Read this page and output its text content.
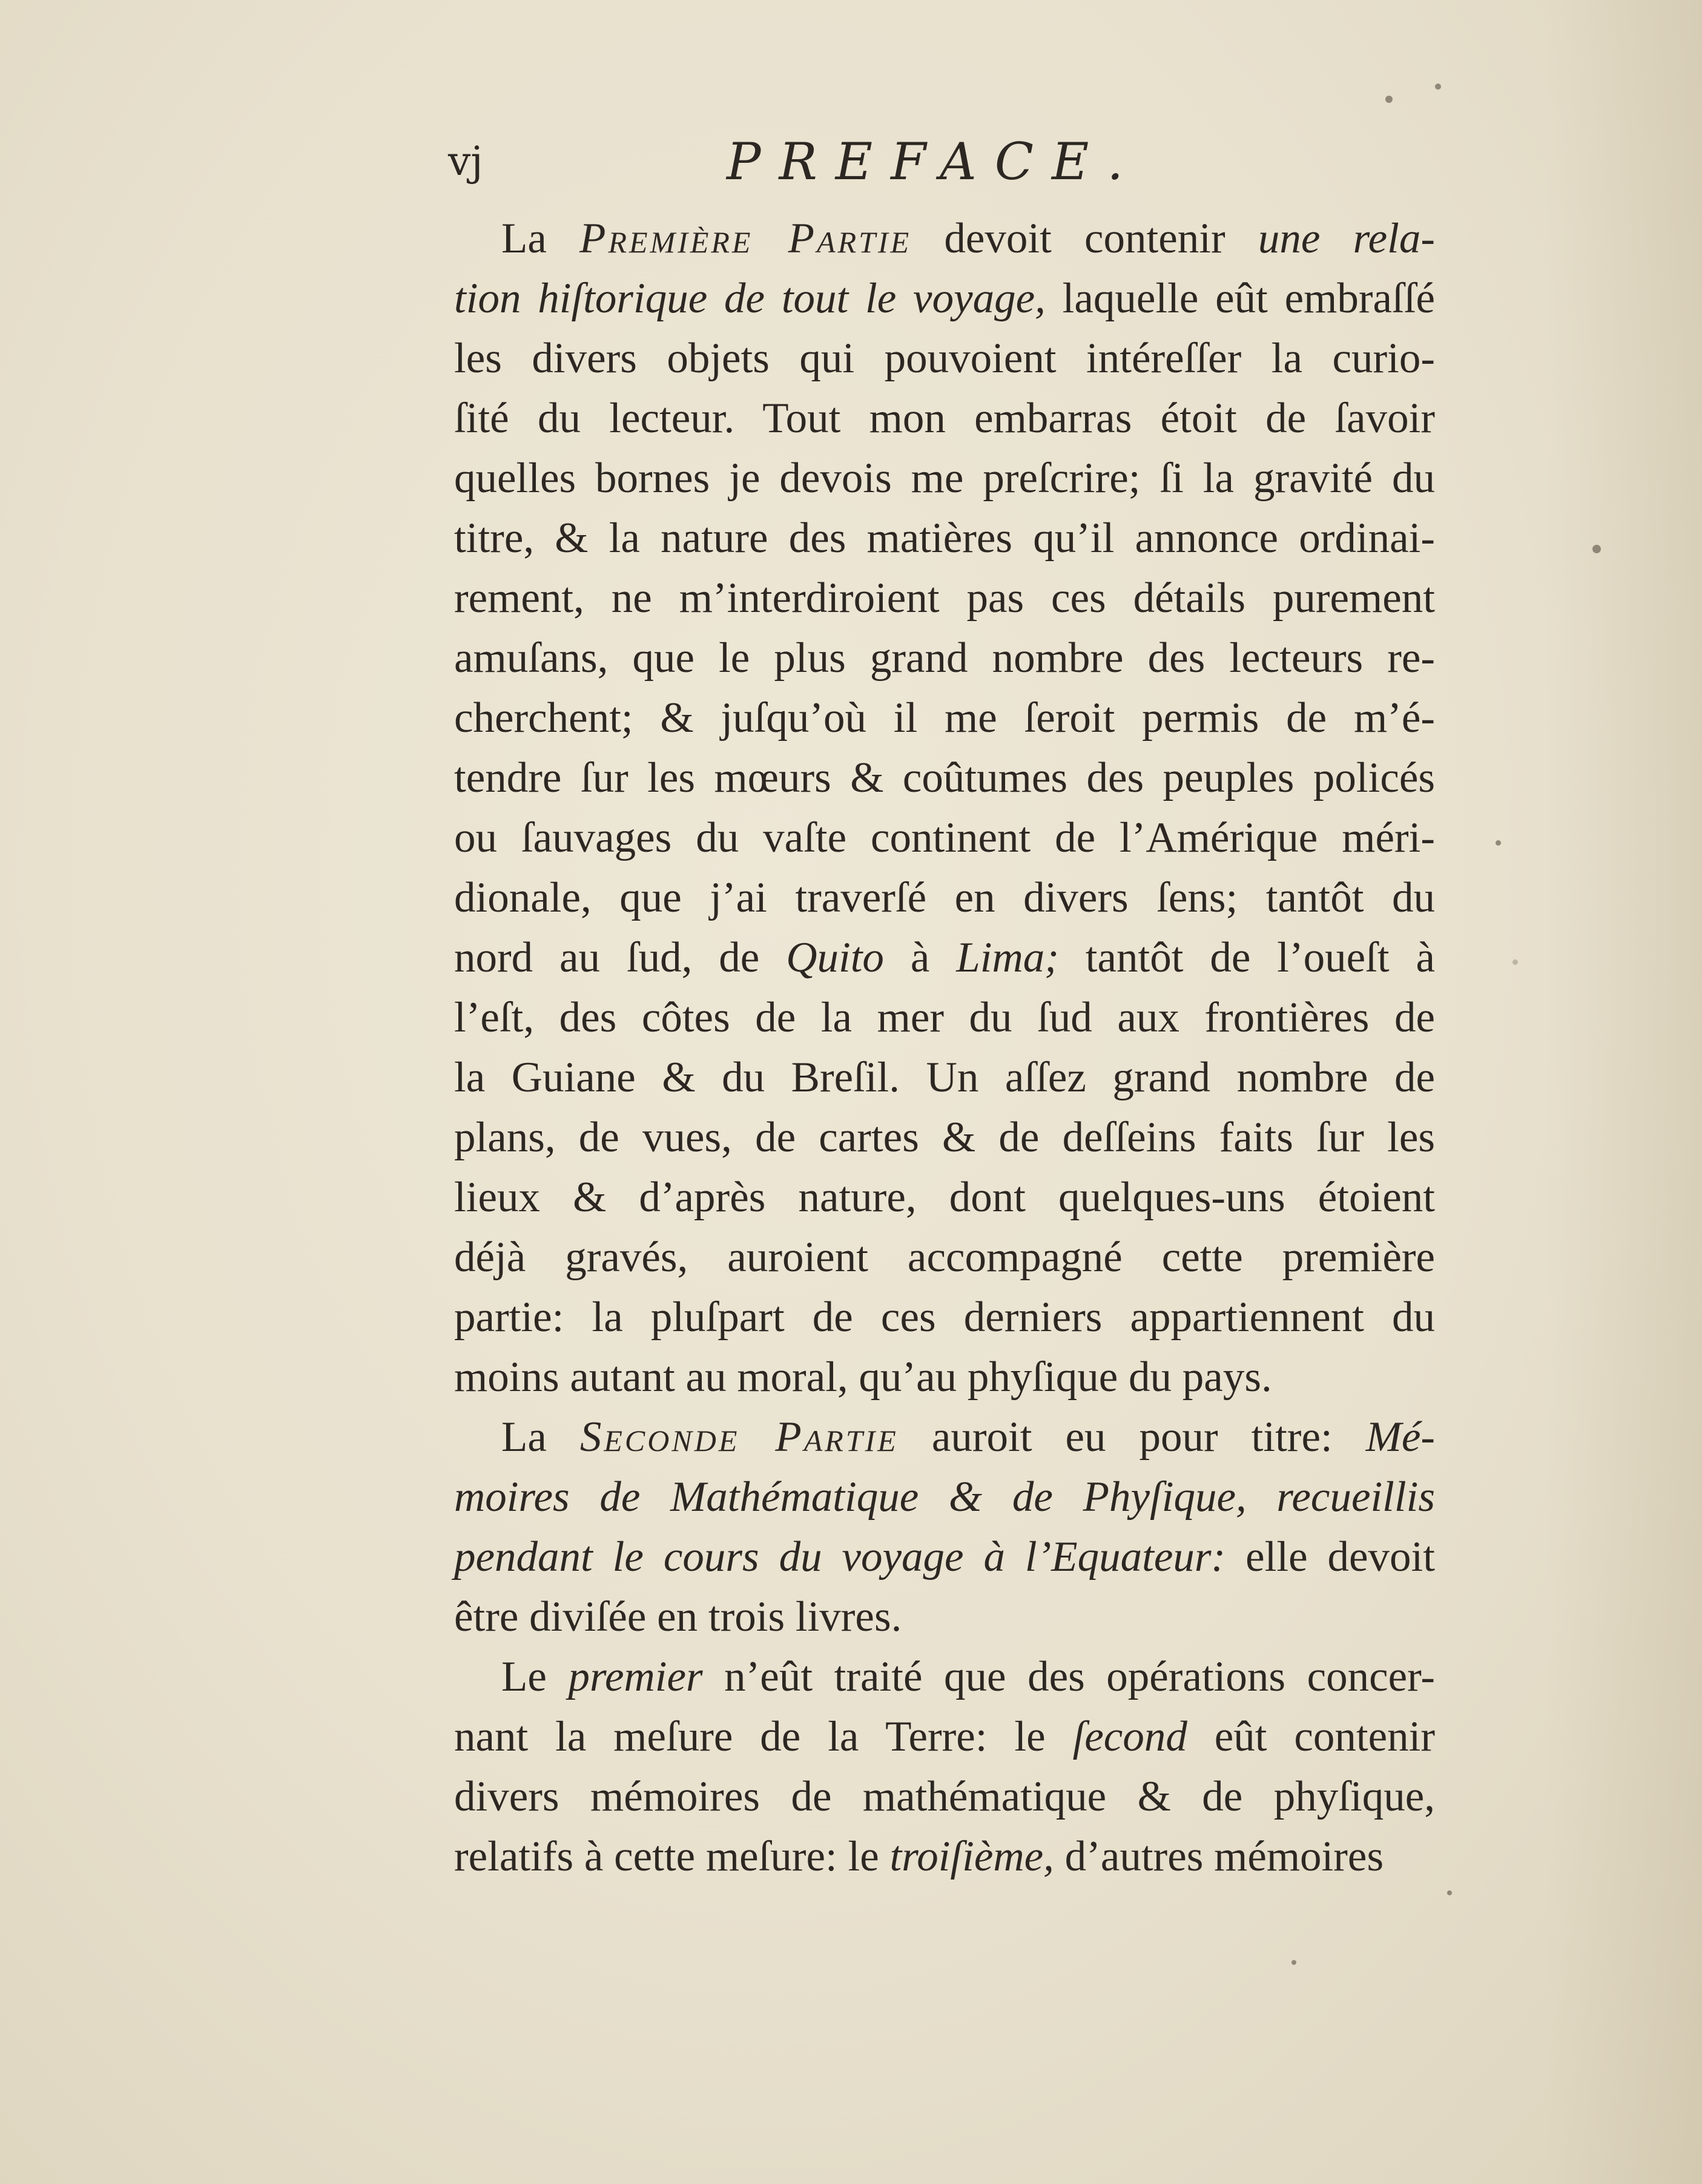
vj	PREFACE.
La Première Partie devoit contenir une rela-
tion hiſtorique de tout le voyage, laquelle eût embraſſé
les divers objets qui pouvoient intéreſſer la curio-
ſité du lecteur. Tout mon embarras étoit de ſavoir
quelles bornes je devois me preſcrire; ſi la gravité du
titre, & la nature des matières qu’il annonce ordinai-
rement, ne m’interdiroient pas ces détails purement
amuſans, que le plus grand nombre des lecteurs re-
cherchent; & juſqu’où il me ſeroit permis de m’é-
tendre ſur les mœurs & coûtumes des peuples policés
ou ſauvages du vaſte continent de l’Amérique méri-
dionale, que j’ai traverſé en divers ſens; tantôt du
nord au ſud, de Quito à Lima; tantôt de l’oueſt à
l’eſt, des côtes de la mer du ſud aux frontières de
la Guiane & du Breſil. Un aſſez grand nombre de
plans, de vues, de cartes & de deſſeins faits ſur les
lieux & d’après nature, dont quelques-uns étoient
déjà gravés, auroient accompagné cette première
partie: la pluſpart de ces derniers appartiennent du
moins autant au moral, qu’au phyſique du pays.
La Seconde Partie auroit eu pour titre: Mé-
moires de Mathématique & de Phyſique, recueillis
pendant le cours du voyage à l’Equateur: elle devoit
être diviſée en trois livres.
Le premier n’eût traité que des opérations concer-
nant la meſure de la Terre: le ſecond eût contenir
divers mémoires de mathématique & de phyſique,
relatifs à cette meſure: le troiſième, d’autres mémoires
